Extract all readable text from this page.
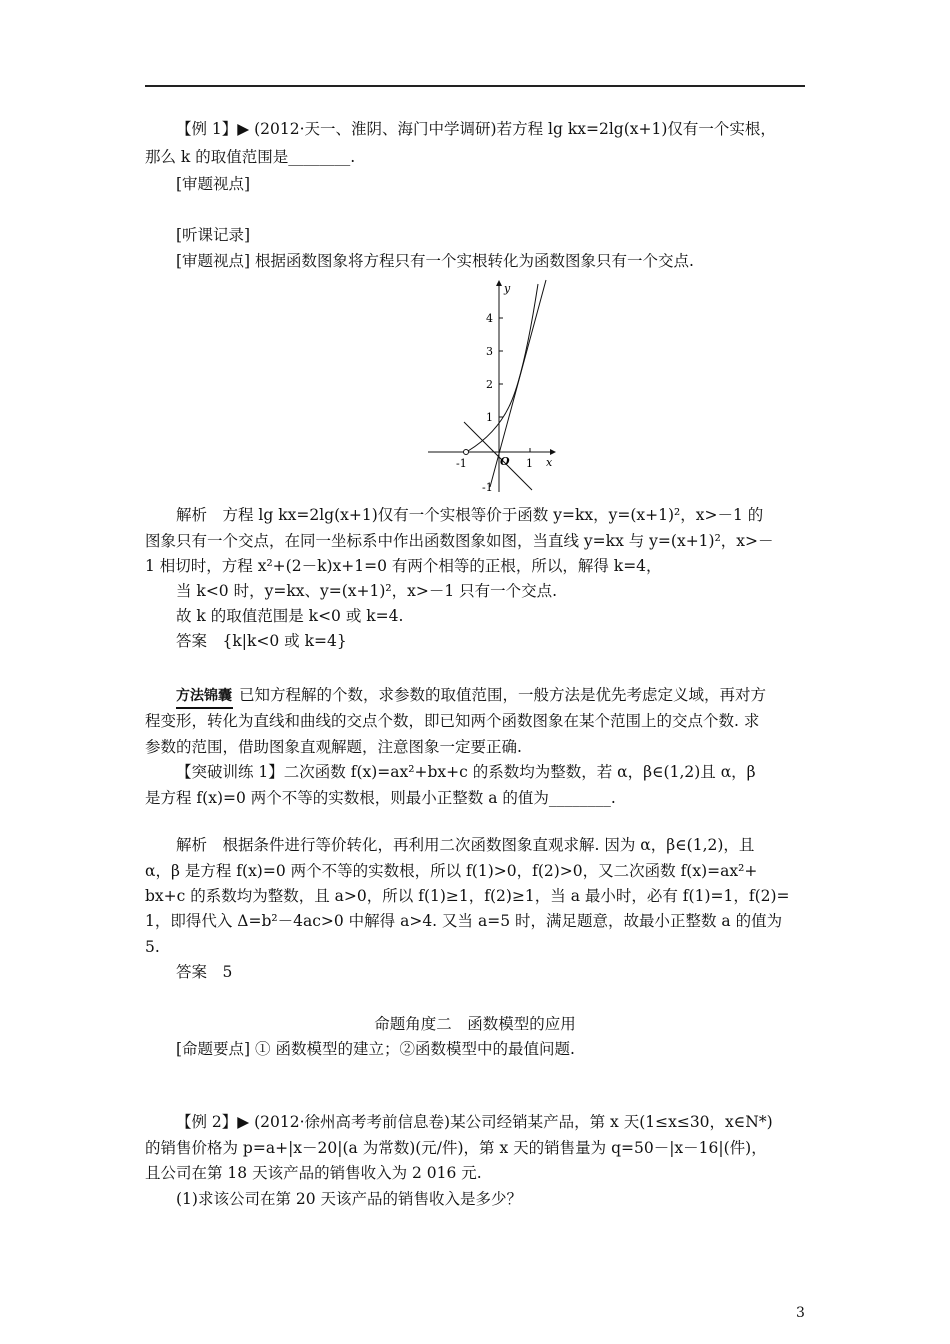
【例 1】▶ (2012·天一、淮阴、海门中学调研)若方程 lg kx=2lg(x+1)仅有一个实根，
那么 k 的取值范围是________.
[审题视点]
[听课记录]
[审题视点] 根据函数图象将方程只有一个实根转化为函数图象只有一个交点.
y
x
O
-1	1
4
3
2
1
-1
解析　方程 lg kx=2lg(x+1)仅有一个实根等价于函数 y=kx，y=(x+1)²，x>－1 的
图象只有一个交点，在同一坐标系中作出函数图象如图，当直线 y=kx 与 y=(x+1)²，x>－
1 相切时，方程 x²+(2－k)x+1=0 有两个相等的正根，所以，解得 k=4，
当 k<0 时，y=kx、y=(x+1)²，x>－1 只有一个交点.
故 k 的取值范围是 k<0 或 k=4.
答案　{k|k<0 或 k=4}
方法锦囊 已知方程解的个数，求参数的取值范围，一般方法是优先考虑定义域，再对方
程变形，转化为直线和曲线的交点个数，即已知两个函数图象在某个范围上的交点个数. 求
参数的范围，借助图象直观解题，注意图象一定要正确.
【突破训练 1】二次函数 f(x)=ax²+bx+c 的系数均为整数，若 α，β∈(1,2)且 α，β
是方程 f(x)=0 两个不等的实数根，则最小正整数 a 的值为________.
解析　根据条件进行等价转化，再利用二次函数图象直观求解. 因为 α，β∈(1,2)，且
α，β 是方程 f(x)=0 两个不等的实数根，所以 f(1)>0，f(2)>0，又二次函数 f(x)=ax²+
bx+c 的系数均为整数，且 a>0，所以 f(1)≥1，f(2)≥1，当 a 最小时，必有 f(1)=1，f(2)=
1，即得代入 Δ=b²－4ac>0 中解得 a>4. 又当 a=5 时，满足题意，故最小正整数 a 的值为
5.
答案　5
命题角度二　函数模型的应用
[命题要点] ① 函数模型的建立；②函数模型中的最值问题.
【例 2】▶ (2012·徐州高考考前信息卷)某公司经销某产品，第 x 天(1≤x≤30，x∈N*)
的销售价格为 p=a+|x－20|(a 为常数)(元/件)，第 x 天的销售量为 q=50－|x－16|(件)，
且公司在第 18 天该产品的销售收入为 2 016 元.
(1)求该公司在第 20 天该产品的销售收入是多少？
3
